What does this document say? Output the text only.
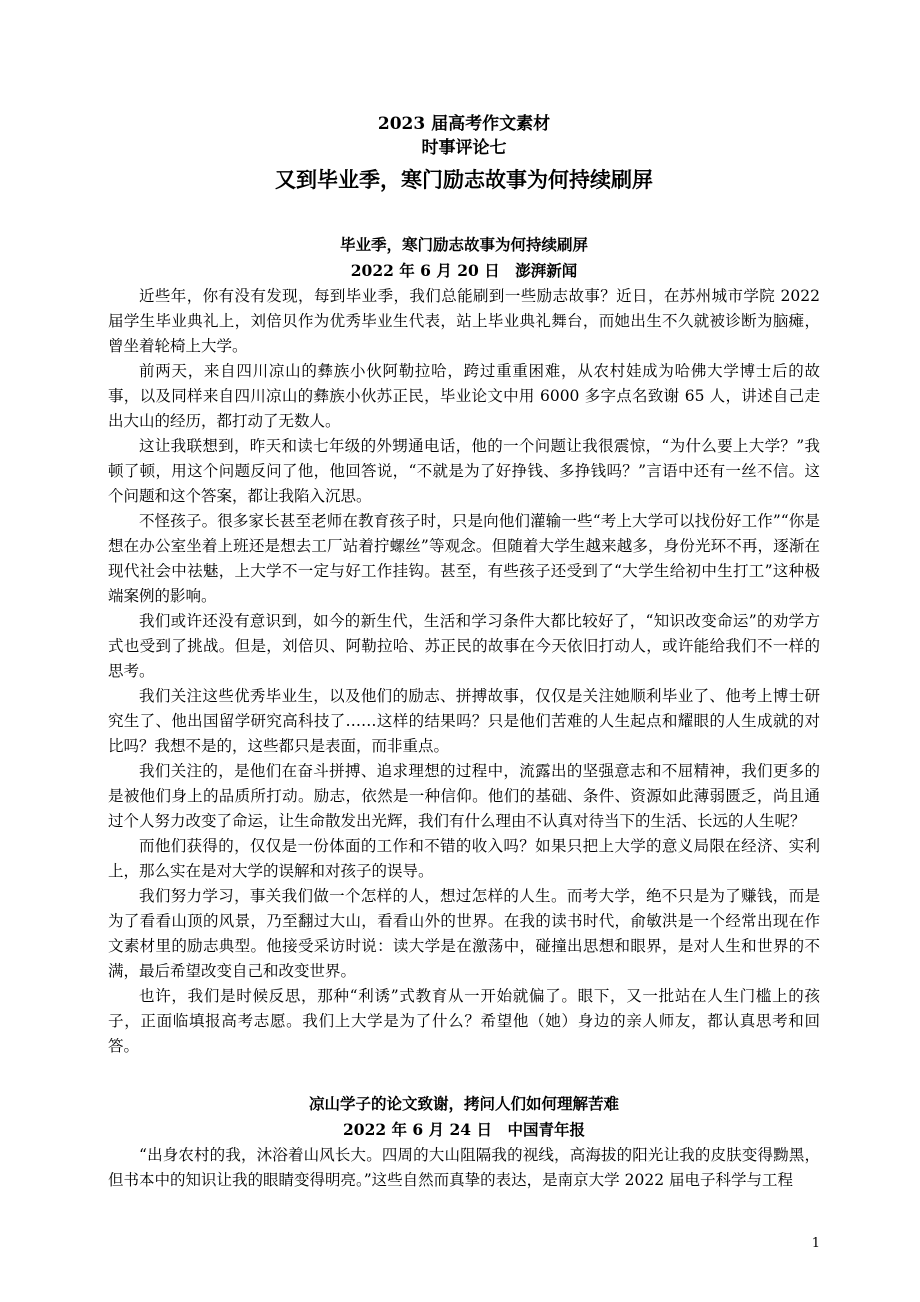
2023 届高考作文素材
时事评论七
又到毕业季，寒门励志故事为何持续刷屏
毕业季，寒门励志故事为何持续刷屏
2022 年 6 月 20 日　澎湃新闻

近些年，你有没有发现，每到毕业季，我们总能刷到一些励志故事？近日，在苏州城市学院 2022 届学生毕业典礼上，刘倍贝作为优秀毕业生代表，站上毕业典礼舞台，而她出生不久就被诊断为脑瘫，曾坐着轮椅上大学。

前两天，来自四川凉山的彝族小伙阿勒拉哈，跨过重重困难，从农村娃成为哈佛大学博士后的故事，以及同样来自四川凉山的彝族小伙苏正民，毕业论文中用 6000 多字点名致谢 65 人，讲述自己走出大山的经历，都打动了无数人。

这让我联想到，昨天和读七年级的外甥通电话，他的一个问题让我很震惊，“为什么要上大学？”我顿了顿，用这个问题反问了他，他回答说，“不就是为了好挣钱、多挣钱吗？”言语中还有一丝不信。这个问题和这个答案，都让我陷入沉思。

不怪孩子。很多家长甚至老师在教育孩子时，只是向他们灌输一些“考上大学可以找份好工作”“你是想在办公室坐着上班还是想去工厂站着拧螺丝”等观念。但随着大学生越来越多，身份光环不再，逐渐在现代社会中祛魅，上大学不一定与好工作挂钩。甚至，有些孩子还受到了“大学生给初中生打工”这种极端案例的影响。

我们或许还没有意识到，如今的新生代，生活和学习条件大都比较好了，“知识改变命运”的劝学方式也受到了挑战。但是，刘倍贝、阿勒拉哈、苏正民的故事在今天依旧打动人，或许能给我们不一样的思考。

我们关注这些优秀毕业生，以及他们的励志、拼搏故事，仅仅是关注她顺利毕业了、他考上博士研究生了、他出国留学研究高科技了……这样的结果吗？只是他们苦难的人生起点和耀眼的人生成就的对比吗？我想不是的，这些都只是表面，而非重点。

我们关注的，是他们在奋斗拼搏、追求理想的过程中，流露出的坚强意志和不屈精神，我们更多的是被他们身上的品质所打动。励志，依然是一种信仰。他们的基础、条件、资源如此薄弱匮乏，尚且通过个人努力改变了命运，让生命散发出光辉，我们有什么理由不认真对待当下的生活、长远的人生呢？

而他们获得的，仅仅是一份体面的工作和不错的收入吗？如果只把上大学的意义局限在经济、实利上，那么实在是对大学的误解和对孩子的误导。

我们努力学习，事关我们做一个怎样的人，想过怎样的人生。而考大学，绝不只是为了赚钱，而是为了看看山顶的风景，乃至翻过大山，看看山外的世界。在我的读书时代，俞敏洪是一个经常出现在作文素材里的励志典型。他接受采访时说：读大学是在激荡中，碰撞出思想和眼界，是对人生和世界的不满，最后希望改变自己和改变世界。

也许，我们是时候反思，那种“利诱”式教育从一开始就偏了。眼下，又一批站在人生门槛上的孩子，正面临填报高考志愿。我们上大学是为了什么？希望他（她）身边的亲人师友，都认真思考和回答。

凉山学子的论文致谢，拷问人们如何理解苦难
2022 年 6 月 24 日　中国青年报

“出身农村的我，沐浴着山风长大。四周的大山阻隔我的视线，高海拔的阳光让我的皮肤变得黝黑，但书本中的知识让我的眼睛变得明亮。”这些自然而真挚的表达，是南京大学 2022 届电子科学与工程

1
